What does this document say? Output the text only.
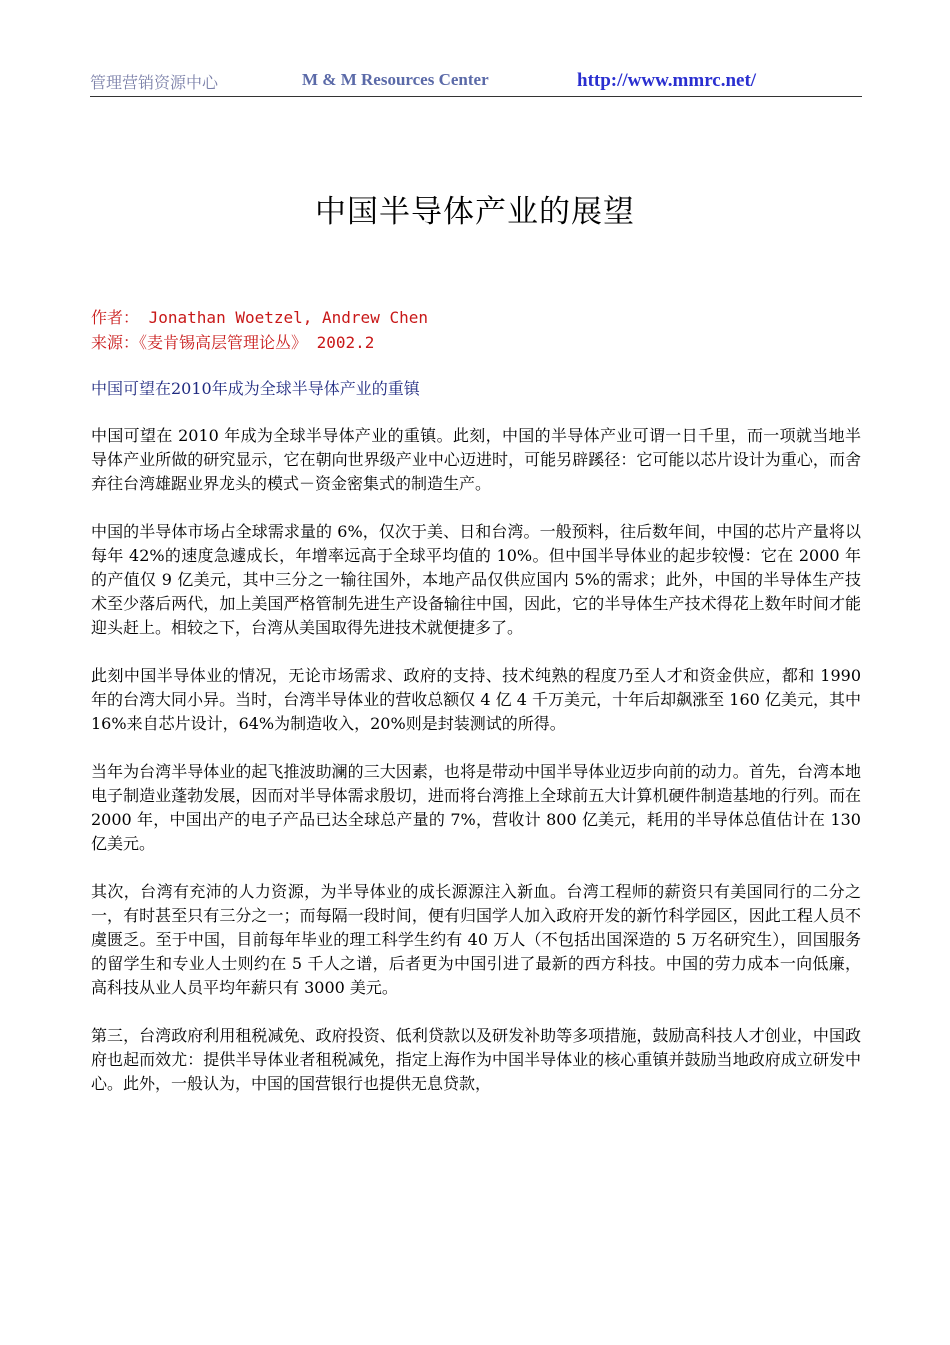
管理营销资源中心	M & M Resources Center	http://www.mmrc.net/
中国半导体产业的展望
作者： Jonathan Woetzel, Andrew Chen
来源：《麦肯锡高层管理论丛》 2002.2
中国可望在2010年成为全球半导体产业的重镇

中国可望在 2010 年成为全球半导体产业的重镇。此刻，中国的半导体产业可谓一日千里，而一项就当地半导体产业所做的研究显示，它在朝向世界级产业中心迈进时，可能另辟蹊径：它可能以芯片设计为重心，而舍弃往台湾雄踞业界龙头的模式－资金密集式的制造生产。

中国的半导体市场占全球需求量的 6%，仅次于美、日和台湾。一般预料，往后数年间，中国的芯片产量将以每年 42%的速度急遽成长，年增率远高于全球平均值的 10%。但中国半导体业的起步较慢：它在 2000 年的产值仅 9 亿美元，其中三分之一输往国外，本地产品仅供应国内 5%的需求；此外，中国的半导体生产技术至少落后两代，加上美国严格管制先进生产设备输往中国，因此，它的半导体生产技术得花上数年时间才能迎头赶上。相较之下，台湾从美国取得先进技术就便捷多了。

此刻中国半导体业的情况，无论市场需求、政府的支持、技术纯熟的程度乃至人才和资金供应，都和 1990 年的台湾大同小异。当时，台湾半导体业的营收总额仅 4 亿 4 千万美元，十年后却飙涨至 160 亿美元，其中 16%来自芯片设计，64%为制造收入，20%则是封装测试的所得。

当年为台湾半导体业的起飞推波助澜的三大因素，也将是带动中国半导体业迈步向前的动力。首先，台湾本地电子制造业蓬勃发展，因而对半导体需求殷切，进而将台湾推上全球前五大计算机硬件制造基地的行列。而在 2000 年，中国出产的电子产品已达全球总产量的 7%，营收计 800 亿美元，耗用的半导体总值估计在 130 亿美元。

其次，台湾有充沛的人力资源，为半导体业的成长源源注入新血。台湾工程师的薪资只有美国同行的二分之一，有时甚至只有三分之一；而每隔一段时间，便有归国学人加入政府开发的新竹科学园区，因此工程人员不虞匮乏。至于中国，目前每年毕业的理工科学生约有 40 万人（不包括出国深造的 5 万名研究生），回国服务的留学生和专业人士则约在 5 千人之谱，后者更为中国引进了最新的西方科技。中国的劳力成本一向低廉，高科技从业人员平均年薪只有 3000 美元。

第三，台湾政府利用租税减免、政府投资、低利贷款以及研发补助等多项措施，鼓励高科技人才创业，中国政府也起而效尤：提供半导体业者租税减免，指定上海作为中国半导体业的核心重镇并鼓励当地政府成立研发中心。此外，一般认为，中国的国营银行也提供无息贷款，
